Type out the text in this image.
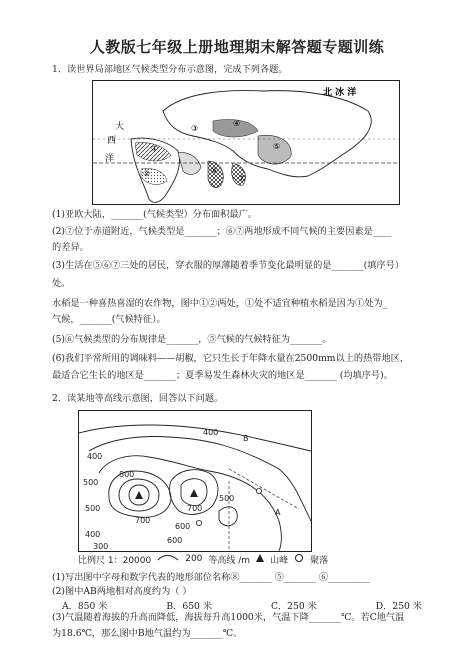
人教版七年级上册地理期末解答题专题训练
1．读世界局部地区气候类型分布示意图，完成下列各题。
北 冰 洋
大
西
洋
①
②
③
④
⑤
⑥
⑦
(1)亚欧大陆，_______(气候类型）分布面积最广。
(2)⑦位于赤道附近，气候类型是_______；⑥⑦两地形成不同气候的主要因素是____
的差异。
(3)生活在⑤⑥⑦三处的居民，穿衣服的厚薄随着季节变化最明显的是_______(填序号）
处。
水稻是一种喜热喜湿的农作物，图中①②两处，①处不适宜种植水稻是因为①处为_
气候，_______(气候特征）。
(5)⑥气候类型的分布规律是_______，⑤气候的气候特征为_______。
(6)我们平常所用的调味料——胡椒，它只生长于年降水量在2500mm以上的热带地区，
最适合它生长的地区是_______；夏季易发生森林火灾的地区是_______ (均填序号)。
2．读某地等高线示意图，回答以下问题。
400
500
700
800
700
600
500
400
500
300
600
B
A
400
比例尺 1：20000	200 等高线 /m 山峰 聚落
(1)写出图中字母和数字代表的地形部位名称⑧_______ ⑤_______ ⑥_________
(2)图中AB两地相对高度约为（ ）
A．850 米	B．650 米	C．250 米	D．250 米
(3)气温随着海拔的升高而降低，海拔每升高1000米，气温下降_______℃。若C地气温
为18.6℃，那么图中B地气温约为_______℃。
